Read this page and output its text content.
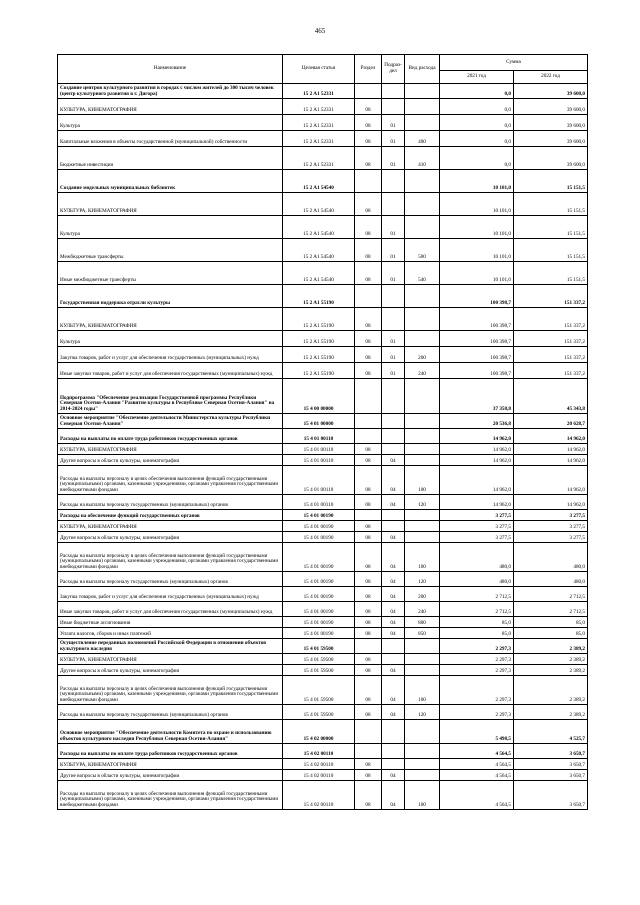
465
Наименование	Целевая статья	Раздел	Подраз-дел	Вид расхода	Сумма	
					2021 год	2022 год
Создание центров культурного развития в городах с числом жителей до 300 тысяч человек (центр культурного развития в г. Дигора)	15 2 A1 52331				0,0	39 600,0
КУЛЬТУРА, КИНЕМАТОГРАФИЯ	15 2 A1 52331	08			0,0	39 600,0
Культура	15 2 A1 52331	08	01		0,0	39 600,0
Капитальные вложения в объекты государственной (муниципальной) собственности	15 2 A1 52331	08	01	400	0,0	39 600,0
Бюджетные инвестиции	15 2 A1 52331	08	01	410	0,0	39 600,0
Создание модельных муниципальных библиотек	15 2 A1 54540				10 101,0	15 151,5
КУЛЬТУРА, КИНЕМАТОГРАФИЯ	15 2 A1 54540	08			10 101,0	15 151,5
Культура	15 2 A1 54540	08	01		10 101,0	15 151,5
Межбюджетные трансферты	15 2 A1 54540	08	01	500	10 101,0	15 151,5
Иные межбюджетные трансферты	15 2 A1 54540	08	01	540	10 101,0	15 151,5
Государственная поддержка отрасли культуры	15 2 A1 55190				100 398,7	151 337,2
КУЛЬТУРА, КИНЕМАТОГРАФИЯ	15 2 A1 55190	08			100 398,7	151 337,2
Культура	15 2 A1 55190	08	01		100 398,7	151 337,2
Закупка товаров, работ и услуг для обеспечения государственных (муниципальных) нужд	15 2 A1 55190	08	01	200	100 398,7	151 337,2
Иные закупки товаров, работ и услуг для обеспечения государственных (муниципальных) нужд	15 2 A1 55190	08	01	240	100 398,7	151 337,2
Подпрограмма "Обеспечение реализации Государственной программы Республики Северная Осетия-Алания "Развитие культуры в Республике Северная Осетия-Алания" на 2014-2024 годы"	15 4 00 00000				37 358,8	45 343,8
Основное мероприятие "Обеспечение деятельности Министерства культуры Республики Северная Осетия-Алания"	15 4 01 00000				20 536,8	20 628,7
Расходы на выплаты по оплате труда работников государственных органов	15 4 01 00110				14 962,0	14 962,0
КУЛЬТУРА, КИНЕМАТОГРАФИЯ	15 4 01 00110	08			14 962,0	14 962,0
Другие вопросы в области культуры, кинематографии	15 4 01 00110	08	04		14 962,0	14 962,0
Расходы на выплаты персоналу в целях обеспечения выполнения функций государственными (муниципальными) органами, казенными учреждениями, органами управления государственными внебюджетными фондами	15 4 01 00110	08	04	100	14 962,0	14 962,0
Расходы на выплаты персоналу государственных (муниципальных) органов	15 4 01 00110	08	04	120	14 962,0	14 962,0
Расходы на обеспечение функций государственных органов	15 4 01 00190				3 277,5	3 277,5
КУЛЬТУРА, КИНЕМАТОГРАФИЯ	15 4 01 00190	08			3 277,5	3 277,5
Другие вопросы в области культуры, кинематографии	15 4 01 00190	08	04		3 277,5	3 277,5
Расходы на выплаты персоналу в целях обеспечения выполнения функций государственными (муниципальными) органами, казенными учреждениями, органами управления государственными внебюджетными фондами	15 4 01 00190	08	04	100	480,0	480,0
Расходы на выплаты персоналу государственных (муниципальных) органов	15 4 01 00190	08	04	120	480,0	480,0
Закупка товаров, работ и услуг для обеспечения государственных (муниципальных) нужд	15 4 01 00190	08	04	200	2 712,5	2 712,5
Иные закупки товаров, работ и услуг для обеспечения государственных (муниципальных) нужд	15 4 01 00190	08	04	240	2 712,5	2 712,5
Иные бюджетные ассигнования	15 4 01 00190	08	04	800	85,0	85,0
Уплата налогов, сборов и иных платежей	15 4 01 00190	08	04	850	85,0	85,0
Осуществление переданных полномочий Российской Федерации в отношении объектов культурного наследия	15 4 01 59500				2 297,3	2 389,2
КУЛЬТУРА, КИНЕМАТОГРАФИЯ	15 4 01 59500	08			2 297,3	2 389,2
Другие вопросы в области культуры, кинематографии	15 4 01 59500	08	04		2 297,3	2 389,2
Расходы на выплаты персоналу в целях обеспечения выполнения функций государственными (муниципальными) органами, казенными учреждениями, органами управления государственными внебюджетными фондами	15 4 01 59500	08	04	100	2 297,3	2 389,2
Расходы на выплаты персоналу государственных (муниципальных) органов	15 4 01 59500	08	04	120	2 297,3	2 389,2
Основное мероприятие "Обеспечение деятельности Комитета по охране и использованию объектов культурного наследия Республики Северная Осетия-Алания"	15 4 02 00000				5 498,5	4 525,7
Расходы на выплаты по оплате труда работников государственных органов	15 4 02 00110				4 564,5	3 650,7
КУЛЬТУРА, КИНЕМАТОГРАФИЯ	15 4 02 00110	08			4 564,5	3 650,7
Другие вопросы в области культуры, кинематографии	15 4 02 00110	08	04		4 564,5	3 650,7
Расходы на выплаты персоналу в целях обеспечения выполнения функций государственными (муниципальными) органами, казенными учреждениями, органами управления государственными внебюджетными фондами	15 4 02 00110	08	04	100	4 564,5	3 650,7
